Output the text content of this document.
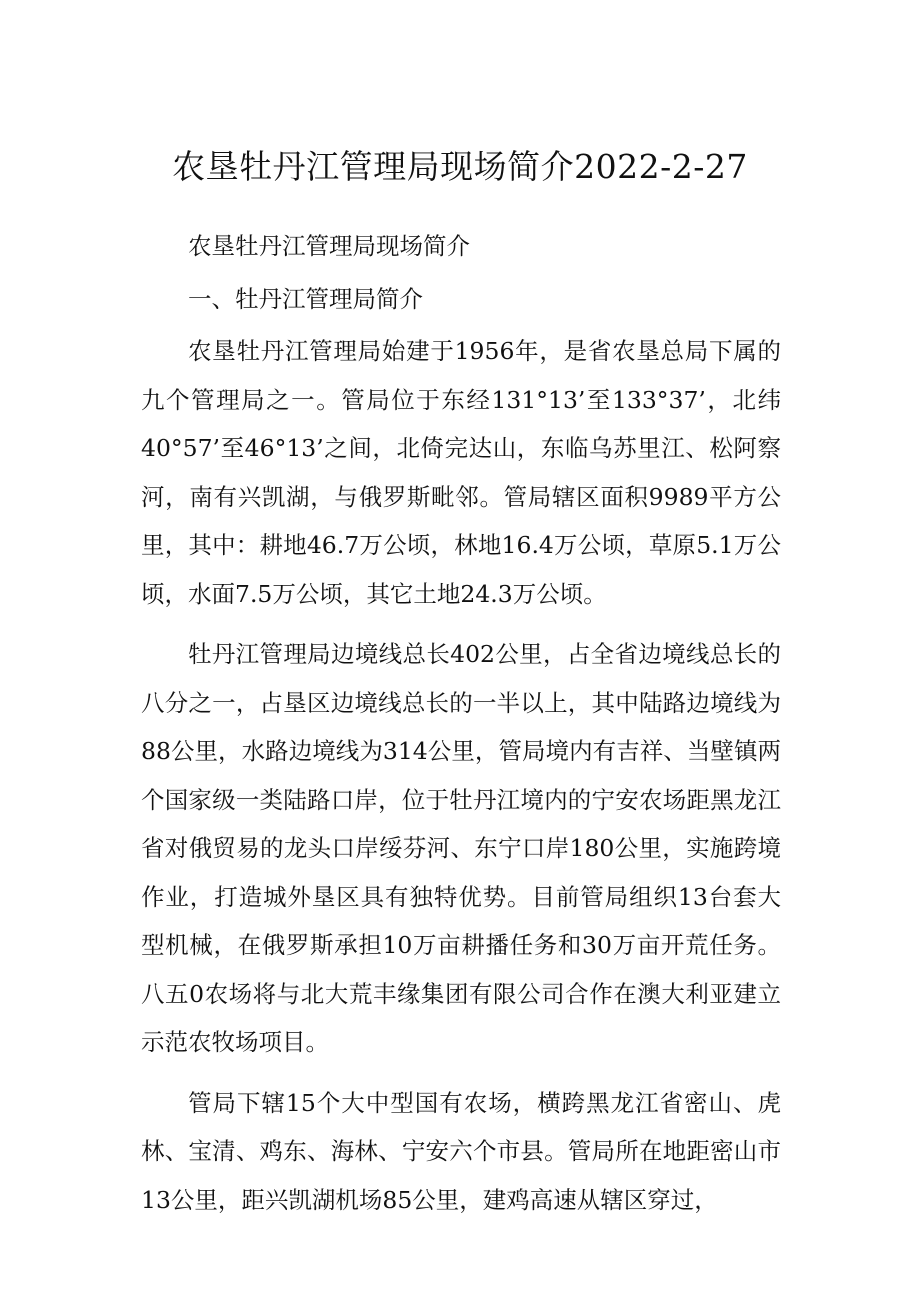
农垦牡丹江管理局现场简介2022-2-27

农垦牡丹江管理局现场简介

一、牡丹江管理局简介

农垦牡丹江管理局始建于1956年，是省农垦总局下属的九个管理局之一。管局位于东经131°13’至133°37’，北纬40°57’至46°13’之间，北倚完达山，东临乌苏里江、松阿察河，南有兴凯湖，与俄罗斯毗邻。管局辖区面积9989平方公里，其中：耕地46.7万公顷，林地16.4万公顷，草原5.1万公顷，水面7.5万公顷，其它土地24.3万公顷。

牡丹江管理局边境线总长402公里，占全省边境线总长的八分之一，占垦区边境线总长的一半以上，其中陆路边境线为88公里，水路边境线为314公里，管局境内有吉祥、当壁镇两个国家级一类陆路口岸，位于牡丹江境内的宁安农场距黑龙江省对俄贸易的龙头口岸绥芬河、东宁口岸180公里，实施跨境作业，打造城外垦区具有独特优势。目前管局组织13台套大型机械，在俄罗斯承担10万亩耕播任务和30万亩开荒任务。八五0农场将与北大荒丰缘集团有限公司合作在澳大利亚建立示范农牧场项目。

管局下辖15个大中型国有农场，横跨黑龙江省密山、虎林、宝清、鸡东、海林、宁安六个市县。管局所在地距密山市13公里，距兴凯湖机场85公里，建鸡高速从辖区穿过，
